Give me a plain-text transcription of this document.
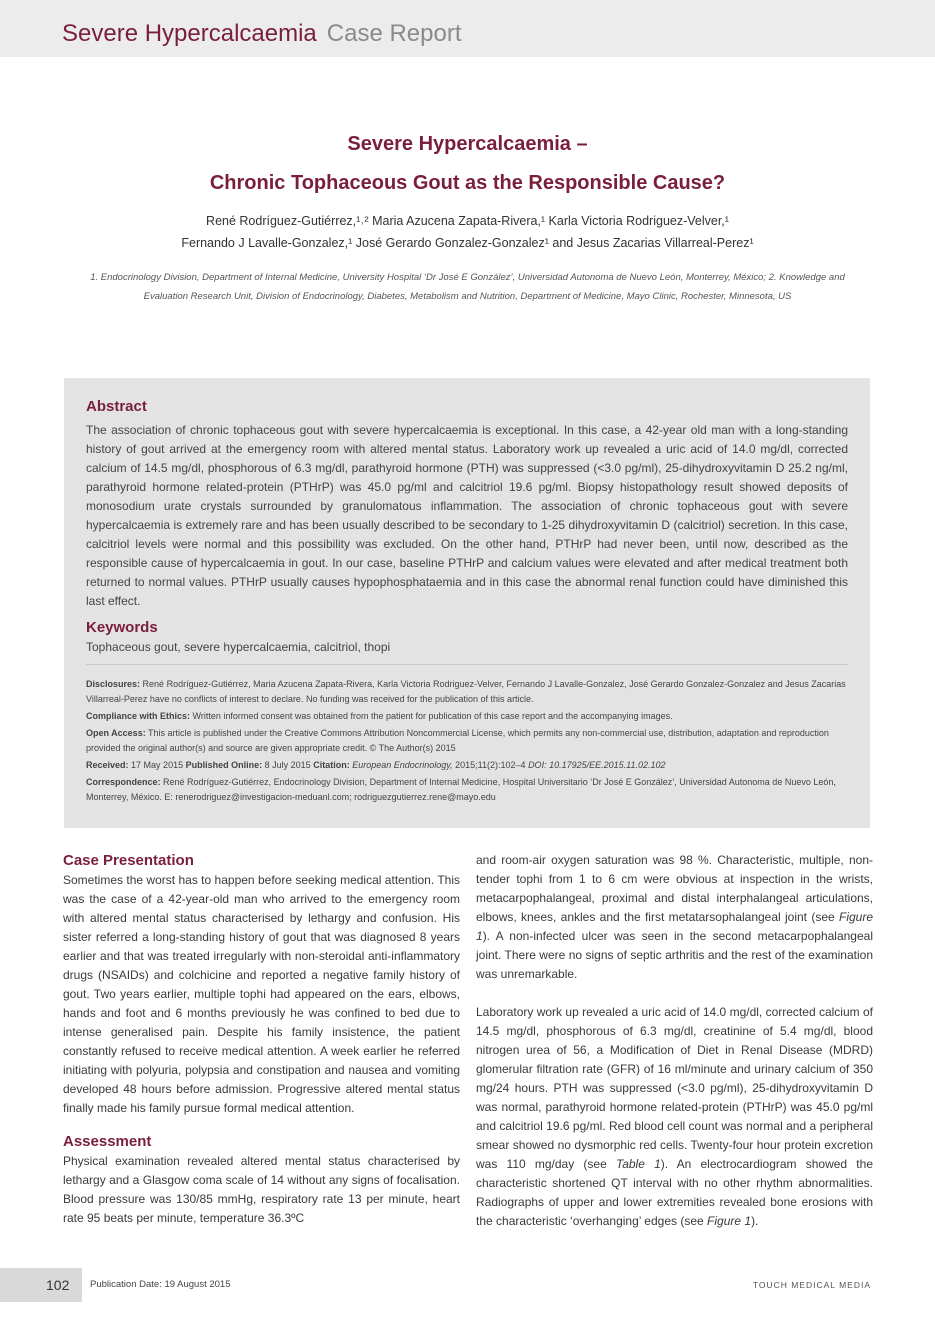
Severe Hypercalcaemia Case Report
Severe Hypercalcaemia –
Chronic Tophaceous Gout as the Responsible Cause?
René Rodríguez-Gutiérrez,¹˒² Maria Azucena Zapata-Rivera,¹ Karla Victoria Rodriguez-Velver,¹
Fernando J Lavalle-Gonzalez,¹ José Gerardo Gonzalez-Gonzalez¹ and Jesus Zacarias Villarreal-Perez¹
1. Endocrinology Division, Department of Internal Medicine, University Hospital ‘Dr José E González’, Universidad Autonoma de Nuevo León, Monterrey, México; 2. Knowledge and Evaluation Research Unit, Division of Endocrinology, Diabetes, Metabolism and Nutrition, Department of Medicine, Mayo Clinic, Rochester, Minnesota, US
Abstract
The association of chronic tophaceous gout with severe hypercalcaemia is exceptional. In this case, a 42-year old man with a long-standing history of gout arrived at the emergency room with altered mental status. Laboratory work up revealed a uric acid of 14.0 mg/dl, corrected calcium of 14.5 mg/dl, phosphorous of 6.3 mg/dl, parathyroid hormone (PTH) was suppressed (<3.0 pg/ml), 25-dihydroxyvitamin D 25.2 ng/ml, parathyroid hormone related-protein (PTHrP) was 45.0 pg/ml and calcitriol 19.6 pg/ml. Biopsy histopathology result showed deposits of monosodium urate crystals surrounded by granulomatous inflammation. The association of chronic tophaceous gout with severe hypercalcaemia is extremely rare and has been usually described to be secondary to 1-25 dihydroxyvitamin D (calcitriol) secretion. In this case, calcitriol levels were normal and this possibility was excluded. On the other hand, PTHrP had never been, until now, described as the responsible cause of hypercalcaemia in gout. In our case, baseline PTHrP and calcium values were elevated and after medical treatment both returned to normal values. PTHrP usually causes hypophosphataemia and in this case the abnormal renal function could have diminished this last effect.
Keywords
Tophaceous gout, severe hypercalcaemia, calcitriol, thopi
Disclosures: René Rodríguez-Gutiérrez, Maria Azucena Zapata-Rivera, Karla Victoria Rodriguez-Velver, Fernando J Lavalle-Gonzalez, José Gerardo Gonzalez-Gonzalez and Jesus Zacarias Villarreal-Perez have no conflicts of interest to declare. No funding was received for the publication of this article.
Compliance with Ethics: Written informed consent was obtained from the patient for publication of this case report and the accompanying images.
Open Access: This article is published under the Creative Commons Attribution Noncommercial License, which permits any non-commercial use, distribution, adaptation and reproduction provided the original author(s) and source are given appropriate credit. © The Author(s) 2015
Received: 17 May 2015 Published Online: 8 July 2015 Citation: European Endocrinology, 2015;11(2):102–4 DOI: 10.17925/EE.2015.11.02.102
Correspondence: René Rodríguez-Gutiérrez, Endocrinology Division, Department of Internal Medicine, Hospital Universitario ‘Dr José E González’, Universidad Autonoma de Nuevo León, Monterrey, México. E: renerodriguez@investigacion-meduanl.com; rodriguezgutierrez.rene@mayo.edu
Case Presentation

Sometimes the worst has to happen before seeking medical attention. This was the case of a 42-year-old man who arrived to the emergency room with altered mental status characterised by lethargy and confusion. His sister referred a long-standing history of gout that was diagnosed 8 years earlier and that was treated irregularly with non-steroidal anti-inflammatory drugs (NSAIDs) and colchicine and reported a negative family history of gout. Two years earlier, multiple tophi had appeared on the ears, elbows, hands and foot and 6 months previously he was confined to bed due to intense generalised pain. Despite his family insistence, the patient constantly refused to receive medical attention. A week earlier he referred initiating with polyuria, polypsia and constipation and nausea and vomiting developed 48 hours before admission. Progressive altered mental status finally made his family pursue formal medical attention.

Assessment

Physical examination revealed altered mental status characterised by lethargy and a Glasgow coma scale of 14 without any signs of focalisation. Blood pressure was 130/85 mmHg, respiratory rate 13 per minute, heart rate 95 beats per minute, temperature 36.3ºC

and room-air oxygen saturation was 98 %. Characteristic, multiple, non-tender tophi from 1 to 6 cm were obvious at inspection in the wrists, metacarpophalangeal, proximal and distal interphalangeal articulations, elbows, knees, ankles and the first metatarsophalangeal joint (see Figure 1). A non-infected ulcer was seen in the second metacarpophalangeal joint. There were no signs of septic arthritis and the rest of the examination was unremarkable.

Laboratory work up revealed a uric acid of 14.0 mg/dl, corrected calcium of 14.5 mg/dl, phosphorous of 6.3 mg/dl, creatinine of 5.4 mg/dl, blood nitrogen urea of 56, a Modification of Diet in Renal Disease (MDRD) glomerular filtration rate (GFR) of 16 ml/minute and urinary calcium of 350 mg/24 hours. PTH was suppressed (<3.0 pg/ml), 25-dihydroxyvitamin D was normal, parathyroid hormone related-protein (PTHrP) was 45.0 pg/ml and calcitriol 19.6 pg/ml. Red blood cell count was normal and a peripheral smear showed no dysmorphic red cells. Twenty-four hour protein excretion was 110 mg/day (see Table 1). An electrocardiogram showed the characteristic shortened QT interval with no other rhythm abnormalities. Radiographs of upper and lower extremities revealed bone erosions with the characteristic ‘overhanging’ edges (see Figure 1).

102 Publication Date: 19 August 2015	TOUCH MEDICAL MEDIA
